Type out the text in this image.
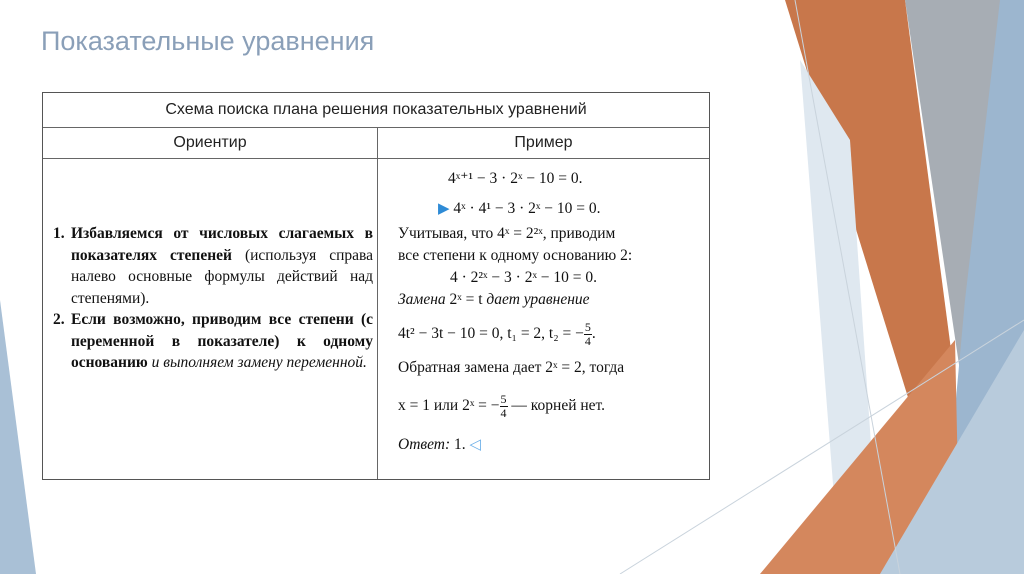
Показательные уравнения
Схема поиска плана решения показательных уравнений
Ориентир	Пример
1. Избавляемся от числовых слагаемых в показателях степеней (используя справа налево основные формулы действий над степенями).
2. Если возможно, приводим все степени (с переменной в показателе) к одному основанию и выполняем замену переменной.
4ˣ⁺¹ − 3 · 2ˣ − 10 = 0.
▶ 4ˣ · 4¹ − 3 · 2ˣ − 10 = 0.
Учитывая, что 4ˣ = 2²ˣ, приводим
все степени к одному основанию 2:
4 · 2²ˣ − 3 · 2ˣ − 10 = 0.
Замена 2ˣ = t дает уравнение
4t² − 3t − 10 = 0, t₁ = 2, t₂ = − $\frac{5}{4}$ .
Обратная замена дает 2ˣ = 2, тогда
x = 1 или 2ˣ = − $\frac{5}{4}$ — корней нет.
Ответ: 1. ◁
